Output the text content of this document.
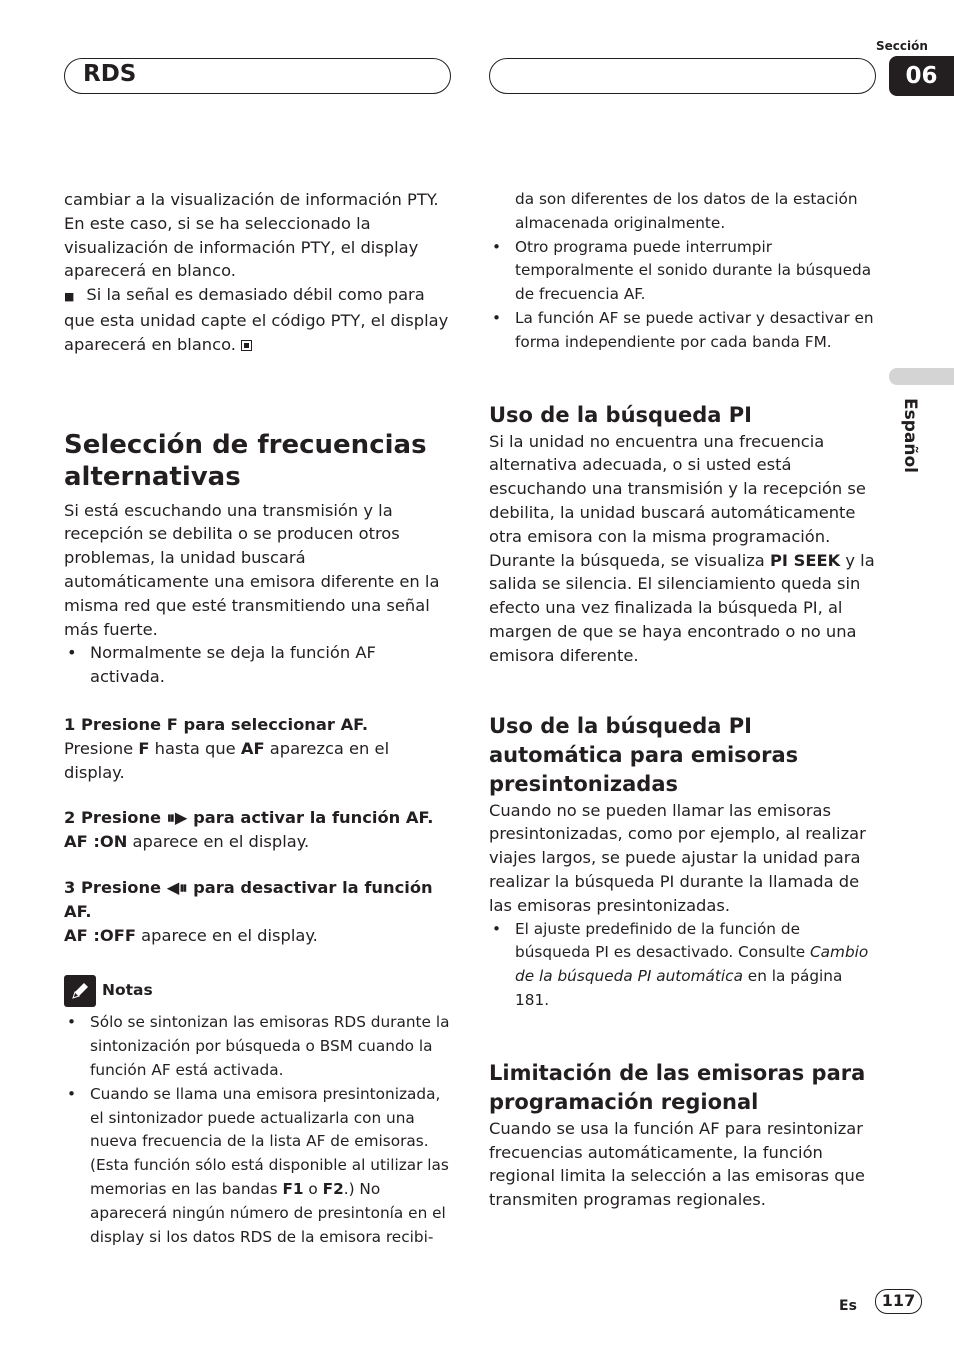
RDS
Sección
06
Español

cambiar a la visualización de información PTY. En este caso, si se ha seleccionado la visualización de información PTY, el display aparecerá en blanco.

■ Si la señal es demasiado débil como para que esta unidad capte el código PTY, el display aparecerá en blanco.

Selección de frecuencias alternativas

Si está escuchando una transmisión y la recepción se debilita o se producen otros problemas, la unidad buscará automáticamente una emisora diferente en la misma red que esté transmitiendo una señal más fuerte.

• Normalmente se deja la función AF activada.

1 Presione F para seleccionar AF.

Presione F hasta que AF aparezca en el display.

2 Presione ⏸▶ para activar la función AF.

AF :ON aparece en el display.

3 Presione ◀⏸ para desactivar la función AF.

AF :OFF aparece en el display.

Notas
• Sólo se sintonizan las emisoras RDS durante la sintonización por búsqueda o BSM cuando la función AF está activada.
• Cuando se llama una emisora presintonizada, el sintonizador puede actualizarla con una nueva frecuencia de la lista AF de emisoras. (Esta función sólo está disponible al utilizar las memorias en las bandas F1 o F2.) No aparecerá ningún número de presintonía en el display si los datos RDS de la emisora recibi-
da son diferentes de los datos de la estación almacenada originalmente.
• Otro programa puede interrumpir temporalmente el sonido durante la búsqueda de frecuencia AF.
• La función AF se puede activar y desactivar en forma independiente por cada banda FM.
Uso de la búsqueda PI

Si la unidad no encuentra una frecuencia alternativa adecuada, o si usted está escuchando una transmisión y la recepción se debilita, la unidad buscará automáticamente otra emisora con la misma programación. Durante la búsqueda, se visualiza PI SEEK y la salida se silencia. El silenciamiento queda sin efecto una vez finalizada la búsqueda PI, al margen de que se haya encontrado o no una emisora diferente.

Uso de la búsqueda PI automática para emisoras presintonizadas

Cuando no se pueden llamar las emisoras presintonizadas, como por ejemplo, al realizar viajes largos, se puede ajustar la unidad para realizar la búsqueda PI durante la llamada de las emisoras presintonizadas.

• El ajuste predefinido de la función de búsqueda PI es desactivado. Consulte Cambio de la búsqueda PI automática en la página 181.
Limitación de las emisoras para programación regional

Cuando se usa la función AF para resintonizar frecuencias automáticamente, la función regional limita la selección a las emisoras que transmiten programas regionales.

Es	117
